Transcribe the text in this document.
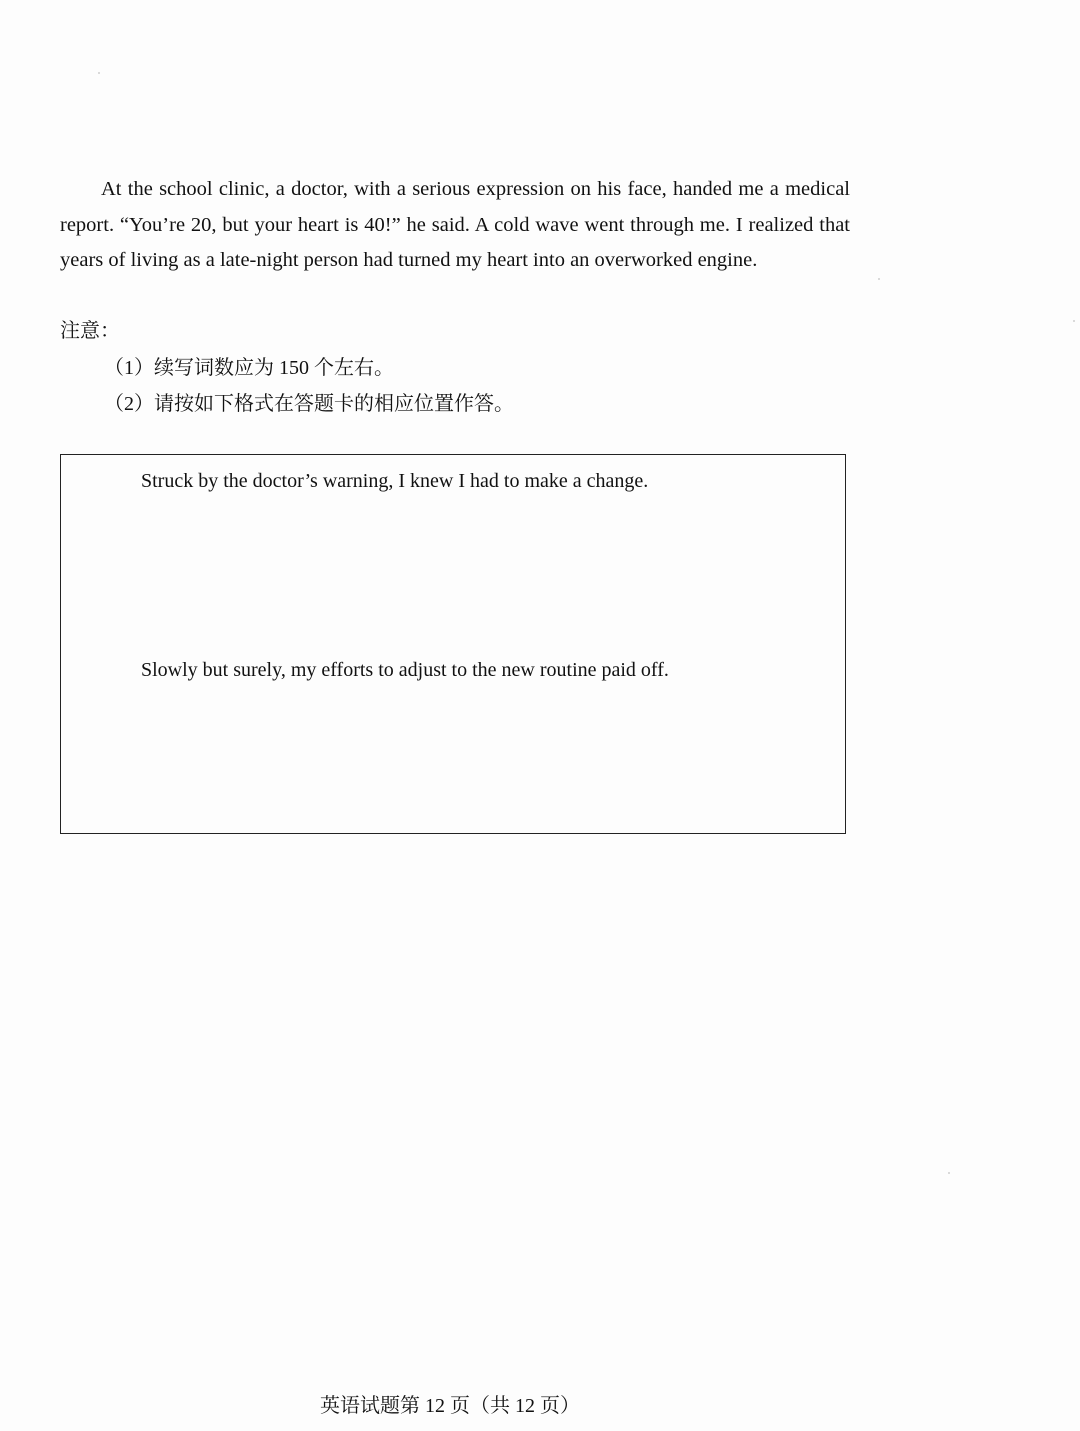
At the school clinic, a doctor, with a serious expression on his face, handed me a medical report. “You’re 20, but your heart is 40!” he said. A cold wave went through me. I realized that years of living as a late-night person had turned my heart into an overworked engine.

注意：

（1）续写词数应为 150 个左右。

（2）请按如下格式在答题卡的相应位置作答。

Struck by the doctor’s warning, I knew I had to make a change.

Slowly but surely, my efforts to adjust to the new routine paid off.

英语试题第 12 页（共 12 页）
